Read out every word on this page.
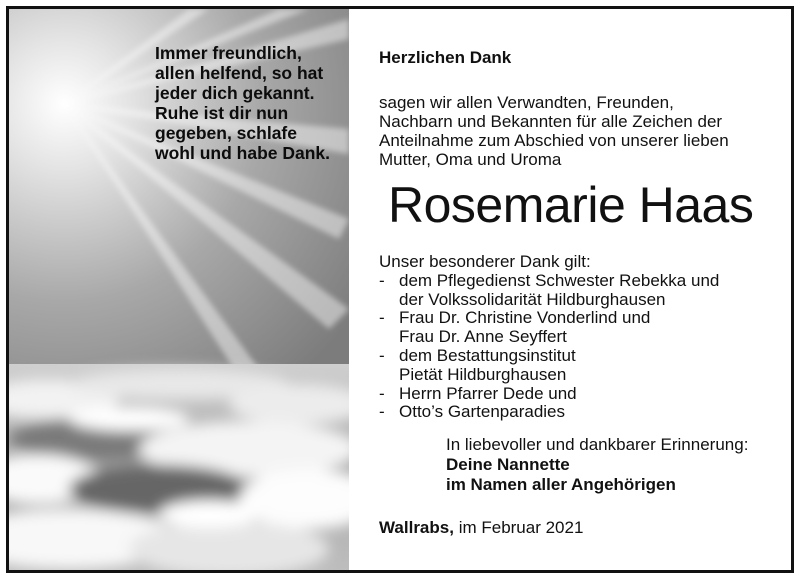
Immer freundlich,
allen helfend, so hat
jeder dich gekannt.
Ruhe ist dir nun
gegeben, schlafe
wohl und habe Dank.
Herzlichen Dank
sagen wir allen Verwandten, Freunden,
Nachbarn und Bekannten für alle Zeichen der
Anteilnahme zum Abschied von unserer lieben
Mutter, Oma und Uroma
Rosemarie Haas
Unser besonderer Dank gilt:
- dem Pflegedienst Schwester Rebekka und
der Volkssolidarität Hildburghausen
- Frau Dr. Christine Vonderlind und
Frau Dr. Anne Seyffert
- dem Bestattungsinstitut
Pietät Hildburghausen
- Herrn Pfarrer Dede und
- Otto’s Gartenparadies
In liebevoller und dankbarer Erinnerung:
Deine Nannette
im Namen aller Angehörigen
Wallrabs, im Februar 2021
